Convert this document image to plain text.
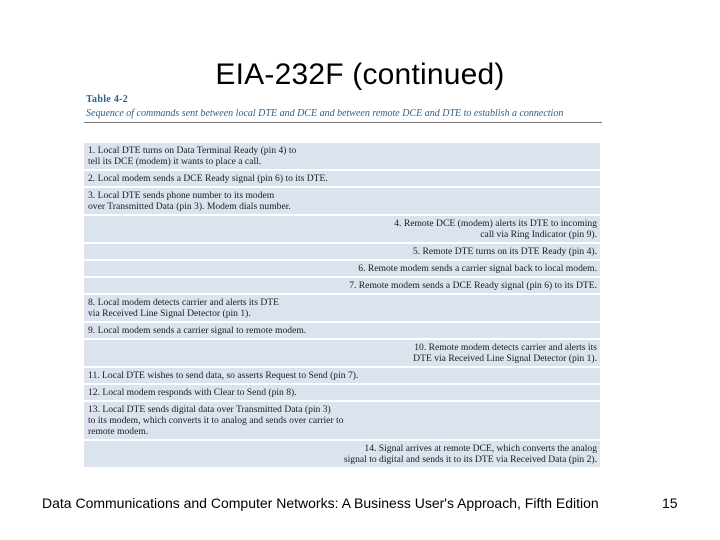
EIA-232F (continued)
Table 4-2
Sequence of commands sent between local DTE and DCE and between remote DCE and DTE to establish a connection
1. Local DTE turns on Data Terminal Ready (pin 4) to
tell its DCE (modem) it wants to place a call.
2. Local modem sends a DCE Ready signal (pin 6) to its DTE.
3. Local DTE sends phone number to its modem
over Transmitted Data (pin 3). Modem dials number.
4. Remote DCE (modem) alerts its DTE to incoming
call via Ring Indicator (pin 9).
5. Remote DTE turns on its DTE Ready (pin 4).
6. Remote modem sends a carrier signal back to local modem.
7. Remote modem sends a DCE Ready signal (pin 6) to its DTE.
8. Local modem detects carrier and alerts its DTE
via Received Line Signal Detector (pin 1).
9. Local modem sends a carrier signal to remote modem.
10. Remote modem detects carrier and alerts its
DTE via Received Line Signal Detector (pin 1).
11. Local DTE wishes to send data, so asserts Request to Send (pin 7).
12. Local modem responds with Clear to Send (pin 8).
13. Local DTE sends digital data over Transmitted Data (pin 3)
to its modem, which converts it to analog and sends over carrier to
remote modem.
14. Signal arrives at remote DCE, which converts the analog
signal to digital and sends it to its DTE via Received Data (pin 2).
Data Communications and Computer Networks: A Business User's Approach, Fifth Edition	15
